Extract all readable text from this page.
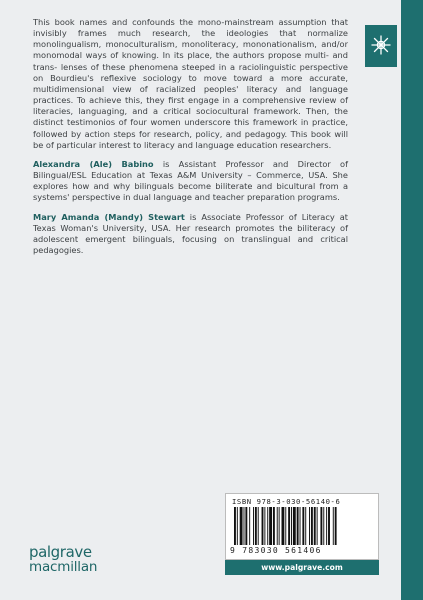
This book names and confounds the mono-mainstream assumption that invisibly frames much research, the ideologies that normalize monolingualism, monoculturalism, monoliteracy, mononationalism, and/or monomodal ways of knowing. In its place, the authors propose multi- and trans- lenses of these phenomena steeped in a raciolinguistic perspective on Bourdieu's reflexive sociology to move toward a more accurate, multidimensional view of racialized peoples' literacy and language practices. To achieve this, they first engage in a comprehensive review of literacies, languaging, and a critical sociocultural framework. Then, the distinct testimonios of four women underscore this framework in practice, followed by action steps for research, policy, and pedagogy. This book will be of particular interest to literacy and language education researchers.

Alexandra (Ale) Babino is Assistant Professor and Director of Bilingual/ESL Education at Texas A&M University – Commerce, USA. She explores how and why bilinguals become biliterate and bicultural from a systems' perspective in dual language and teacher preparation programs.

Mary Amanda (Mandy) Stewart is Associate Professor of Literacy at Texas Woman's University, USA. Her research promotes the biliteracy of adolescent emergent bilinguals, focusing on translingual and critical pedagogies.

ISBN 978-3-030-56140-6
9 783030 561406
www.palgrave.com
palgrave
macmillan
